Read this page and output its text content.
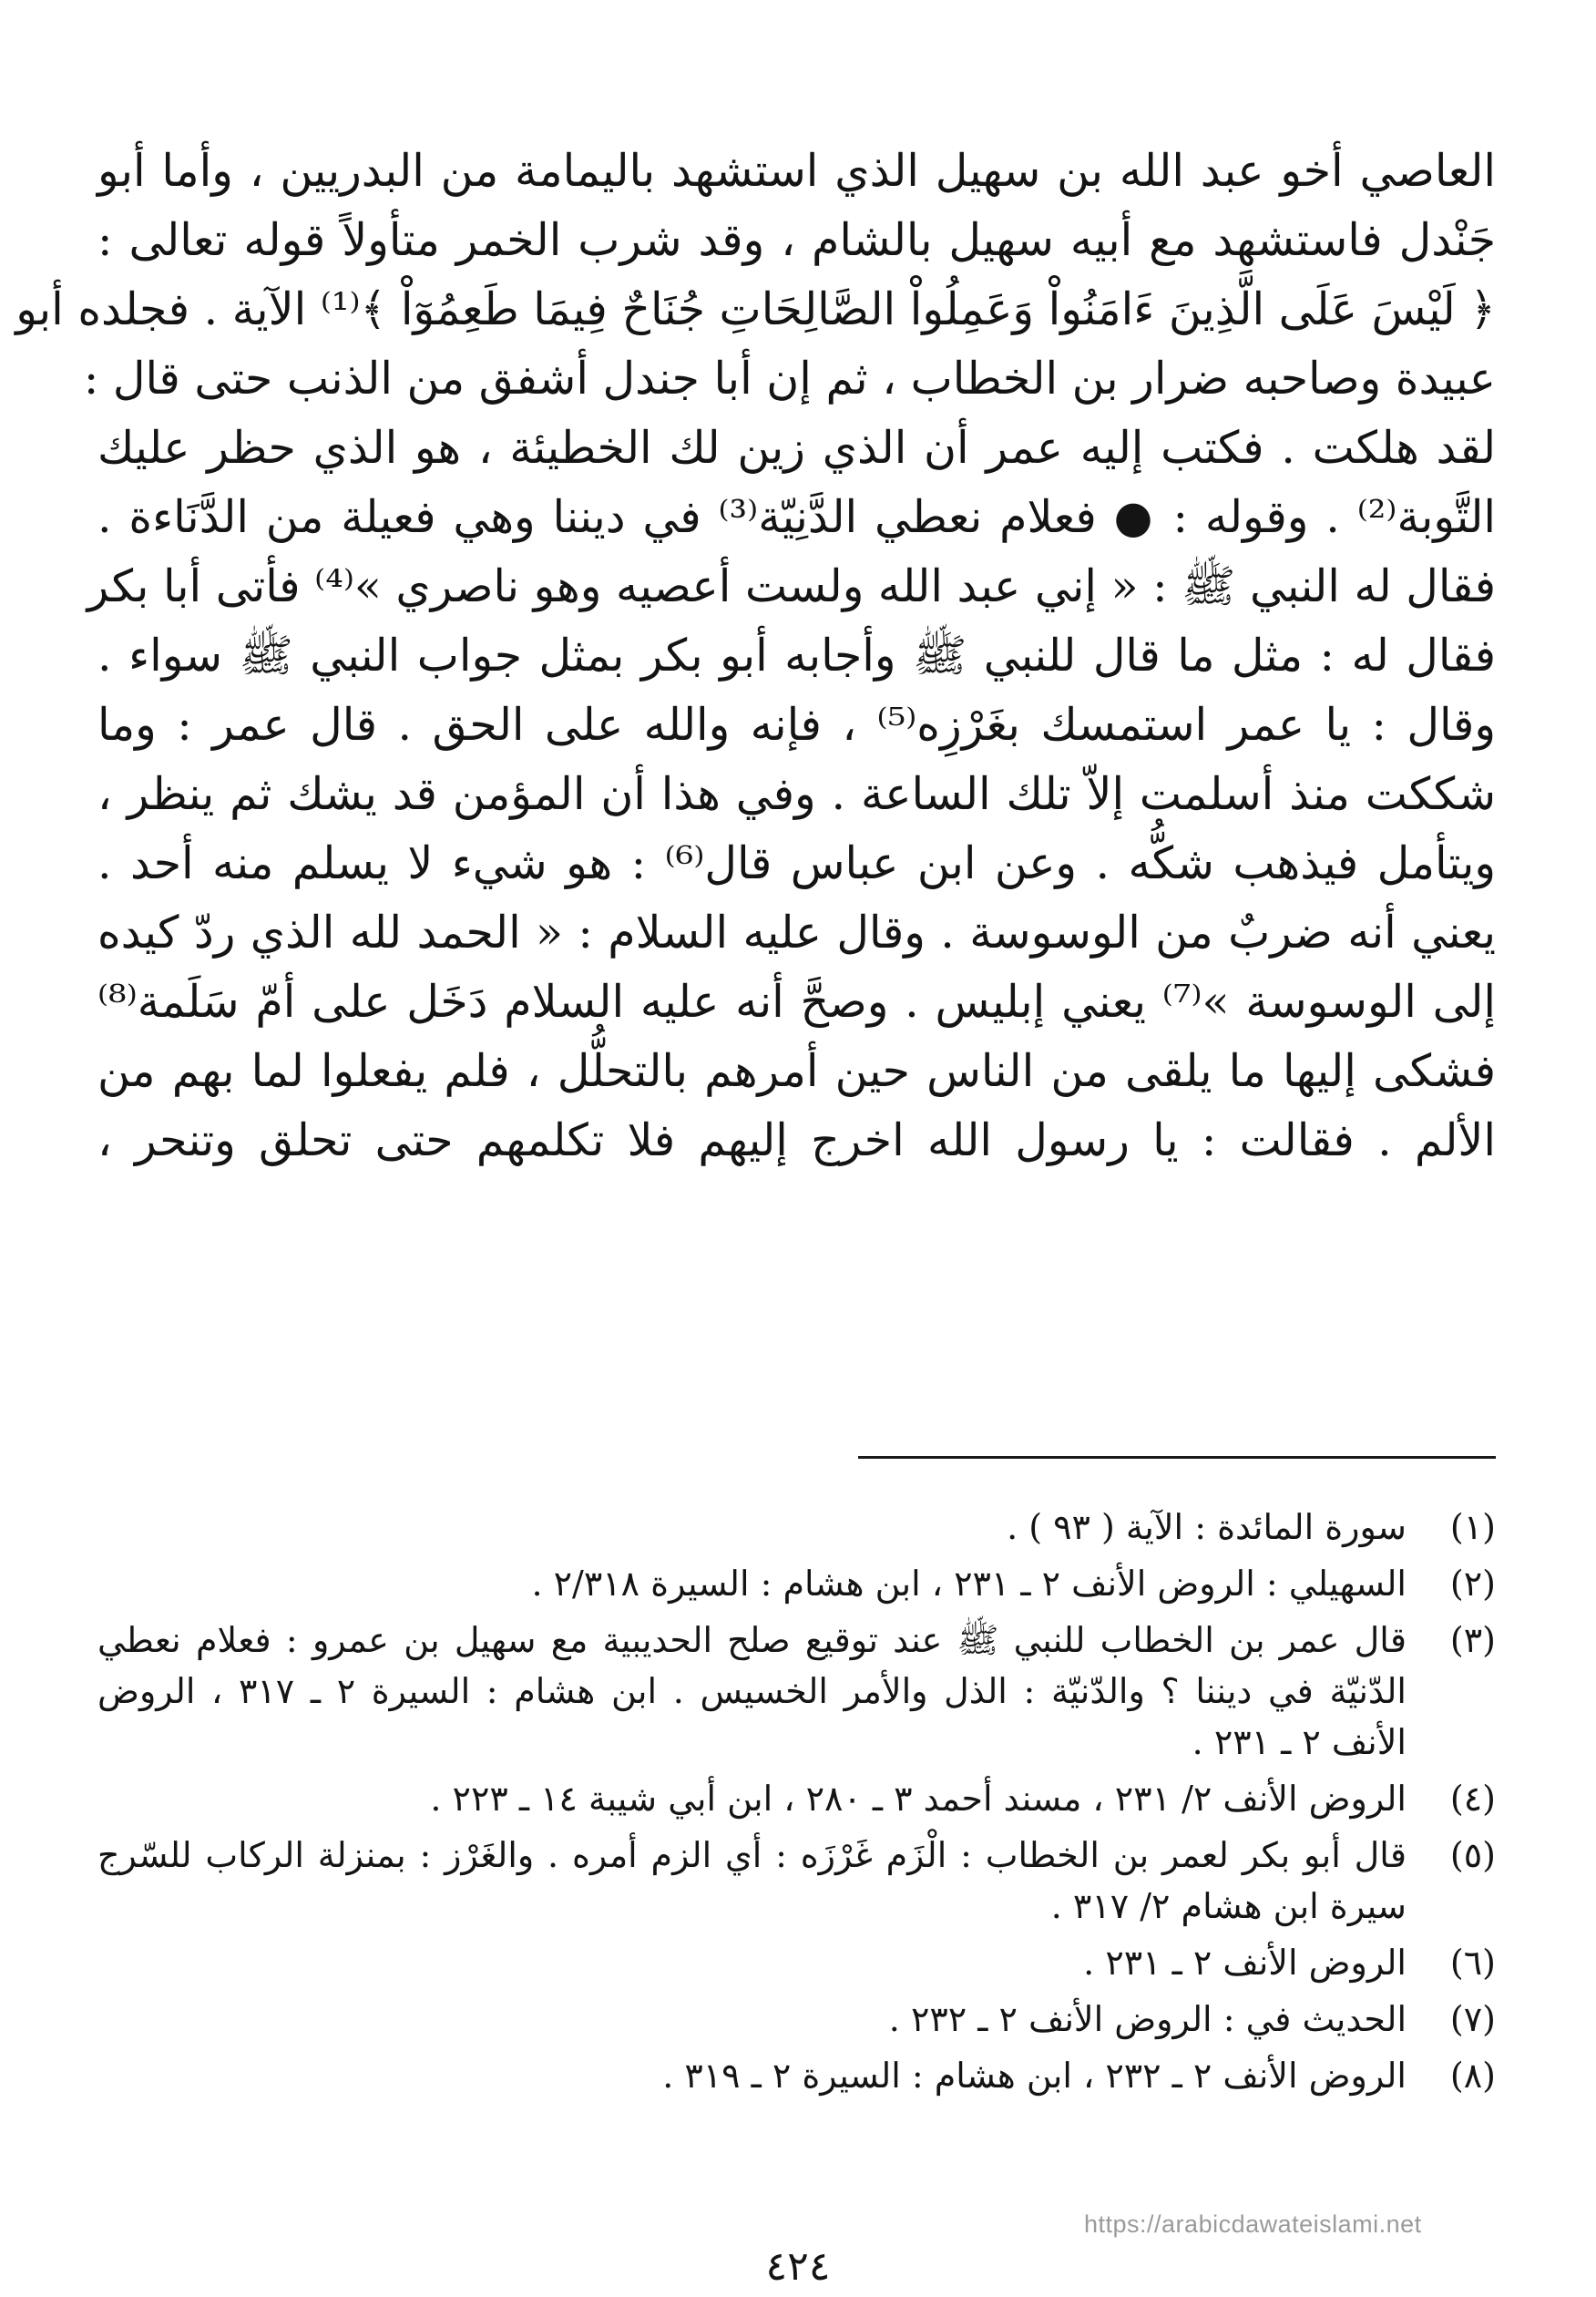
العاصي أخو عبد الله بن سهيل الذي استشهد باليمامة من البدريين ، وأما أبو
جَنْدل فاستشهد مع أبيه سهيل بالشام ، وقد شرب الخمر متأولاً قوله تعالى :
﴿ لَيْسَ عَلَى الَّذِينَ ءَامَنُواْ وَعَمِلُواْ الصَّالِحَاتِ جُنَاحٌ فِيمَا طَعِمُوٓاْ ﴾⁽¹⁾ الآية . فجلده أبو
عبيدة وصاحبه ضرار بن الخطاب ، ثم إن أبا جندل أشفق من الذنب حتى قال :
لقد هلكت . فكتب إليه عمر أن الذي زين لك الخطيئة ، هو الذي حظر عليك
التَّوبة⁽²⁾ . وقوله : ● فعلام نعطي الدَّنِيّة⁽³⁾ في ديننا وهي فعيلة من الدَّنَاءة .
فقال له النبي ﷺ : « إني عبد الله ولست أعصيه وهو ناصري »⁽⁴⁾ فأتى أبا بكر
فقال له : مثل ما قال للنبي ﷺ وأجابه أبو بكر بمثل جواب النبي ﷺ سواء .
وقال : يا عمر استمسك بغَرْزِه⁽⁵⁾ ، فإنه والله على الحق . قال عمر : وما
شككت منذ أسلمت إلاّ تلك الساعة . وفي هذا أن المؤمن قد يشك ثم ينظر ،
ويتأمل فيذهب شكُّه . وعن ابن عباس قال⁽⁶⁾ : هو شيء لا يسلم منه أحد .
يعني أنه ضربٌ من الوسوسة . وقال عليه السلام : « الحمد لله الذي ردّ كيده
إلى الوسوسة »⁽⁷⁾ يعني إبليس . وصحَّ أنه عليه السلام دَخَل على أمّ سَلَمة⁽⁸⁾
فشكى إليها ما يلقى من الناس حين أمرهم بالتحلُّل ، فلم يفعلوا لما بهم من
الألم . فقالت : يا رسول الله اخرج إليهم فلا تكلمهم حتى تحلق وتنحر ،
(١)
سورة المائدة : الآية ( ٩٣ ) .
(٢)
السهيلي : الروض الأنف ٢ ـ ٢٣١ ، ابن هشام : السيرة ٢/٣١٨ .
(٣)
قال عمر بن الخطاب للنبي ﷺ عند توقيع صلح الحديبية مع سهيل بن عمرو : فعلام نعطي
الدّنيّة في ديننا ؟ والدّنيّة : الذل والأمر الخسيس . ابن هشام : السيرة ٢ ـ ٣١٧ ، الروض
الأنف ٢ ـ ٢٣١ .
(٤)
الروض الأنف ٢/ ٢٣١ ، مسند أحمد ٣ ـ ٢٨٠ ، ابن أبي شيبة ١٤ ـ ٢٢٣ .
(٥)
قال أبو بكر لعمر بن الخطاب : الْزَم غَرْزَه : أي الزم أمره . والغَرْز : بمنزلة الركاب للسّرج
سيرة ابن هشام ٢/ ٣١٧ .
(٦)
الروض الأنف ٢ ـ ٢٣١ .
(٧)
الحديث في : الروض الأنف ٢ ـ ٢٣٢ .
(٨)
الروض الأنف ٢ ـ ٢٣٢ ، ابن هشام : السيرة ٢ ـ ٣١٩ .
https://arabicdawateislami.net
٤٢٤
